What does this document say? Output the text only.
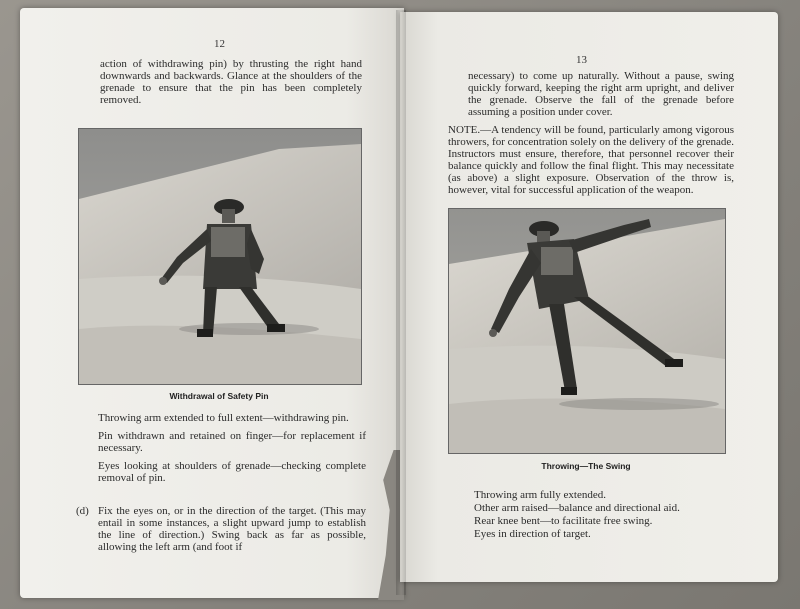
12

action of withdrawing pin) by thrusting the right hand downwards and backwards. Glance at the shoulders of the grenade to ensure that the pin has been completely removed.

Withdrawal of Safety Pin

Throwing arm extended to full extent—withdrawing pin.

Pin withdrawn and retained on finger—for replacement if necessary.

Eyes looking at shoulders of grenade—checking complete removal of pin.

(d) Fix the eyes on, or in the direction of the target. (This may entail in some instances, a slight upward jump to establish the line of direction.) Swing back as far as possible, allowing the left arm (and foot if

13

necessary) to come up naturally. Without a pause, swing quickly forward, keeping the right arm upright, and deliver the grenade. Observe the fall of the grenade before assuming a position under cover.

NOTE.—A tendency will be found, particularly among vigorous throwers, for concentration solely on the delivery of the grenade. Instructors must ensure, therefore, that personnel recover their balance quickly and follow the final flight. This may necessitate (as above) a slight exposure. Observation of the throw is, however, vital for successful application of the weapon.

Throwing—The Swing

Throwing arm fully extended.

Other arm raised—balance and directional aid.

Rear knee bent—to facilitate free swing.

Eyes in direction of target.
